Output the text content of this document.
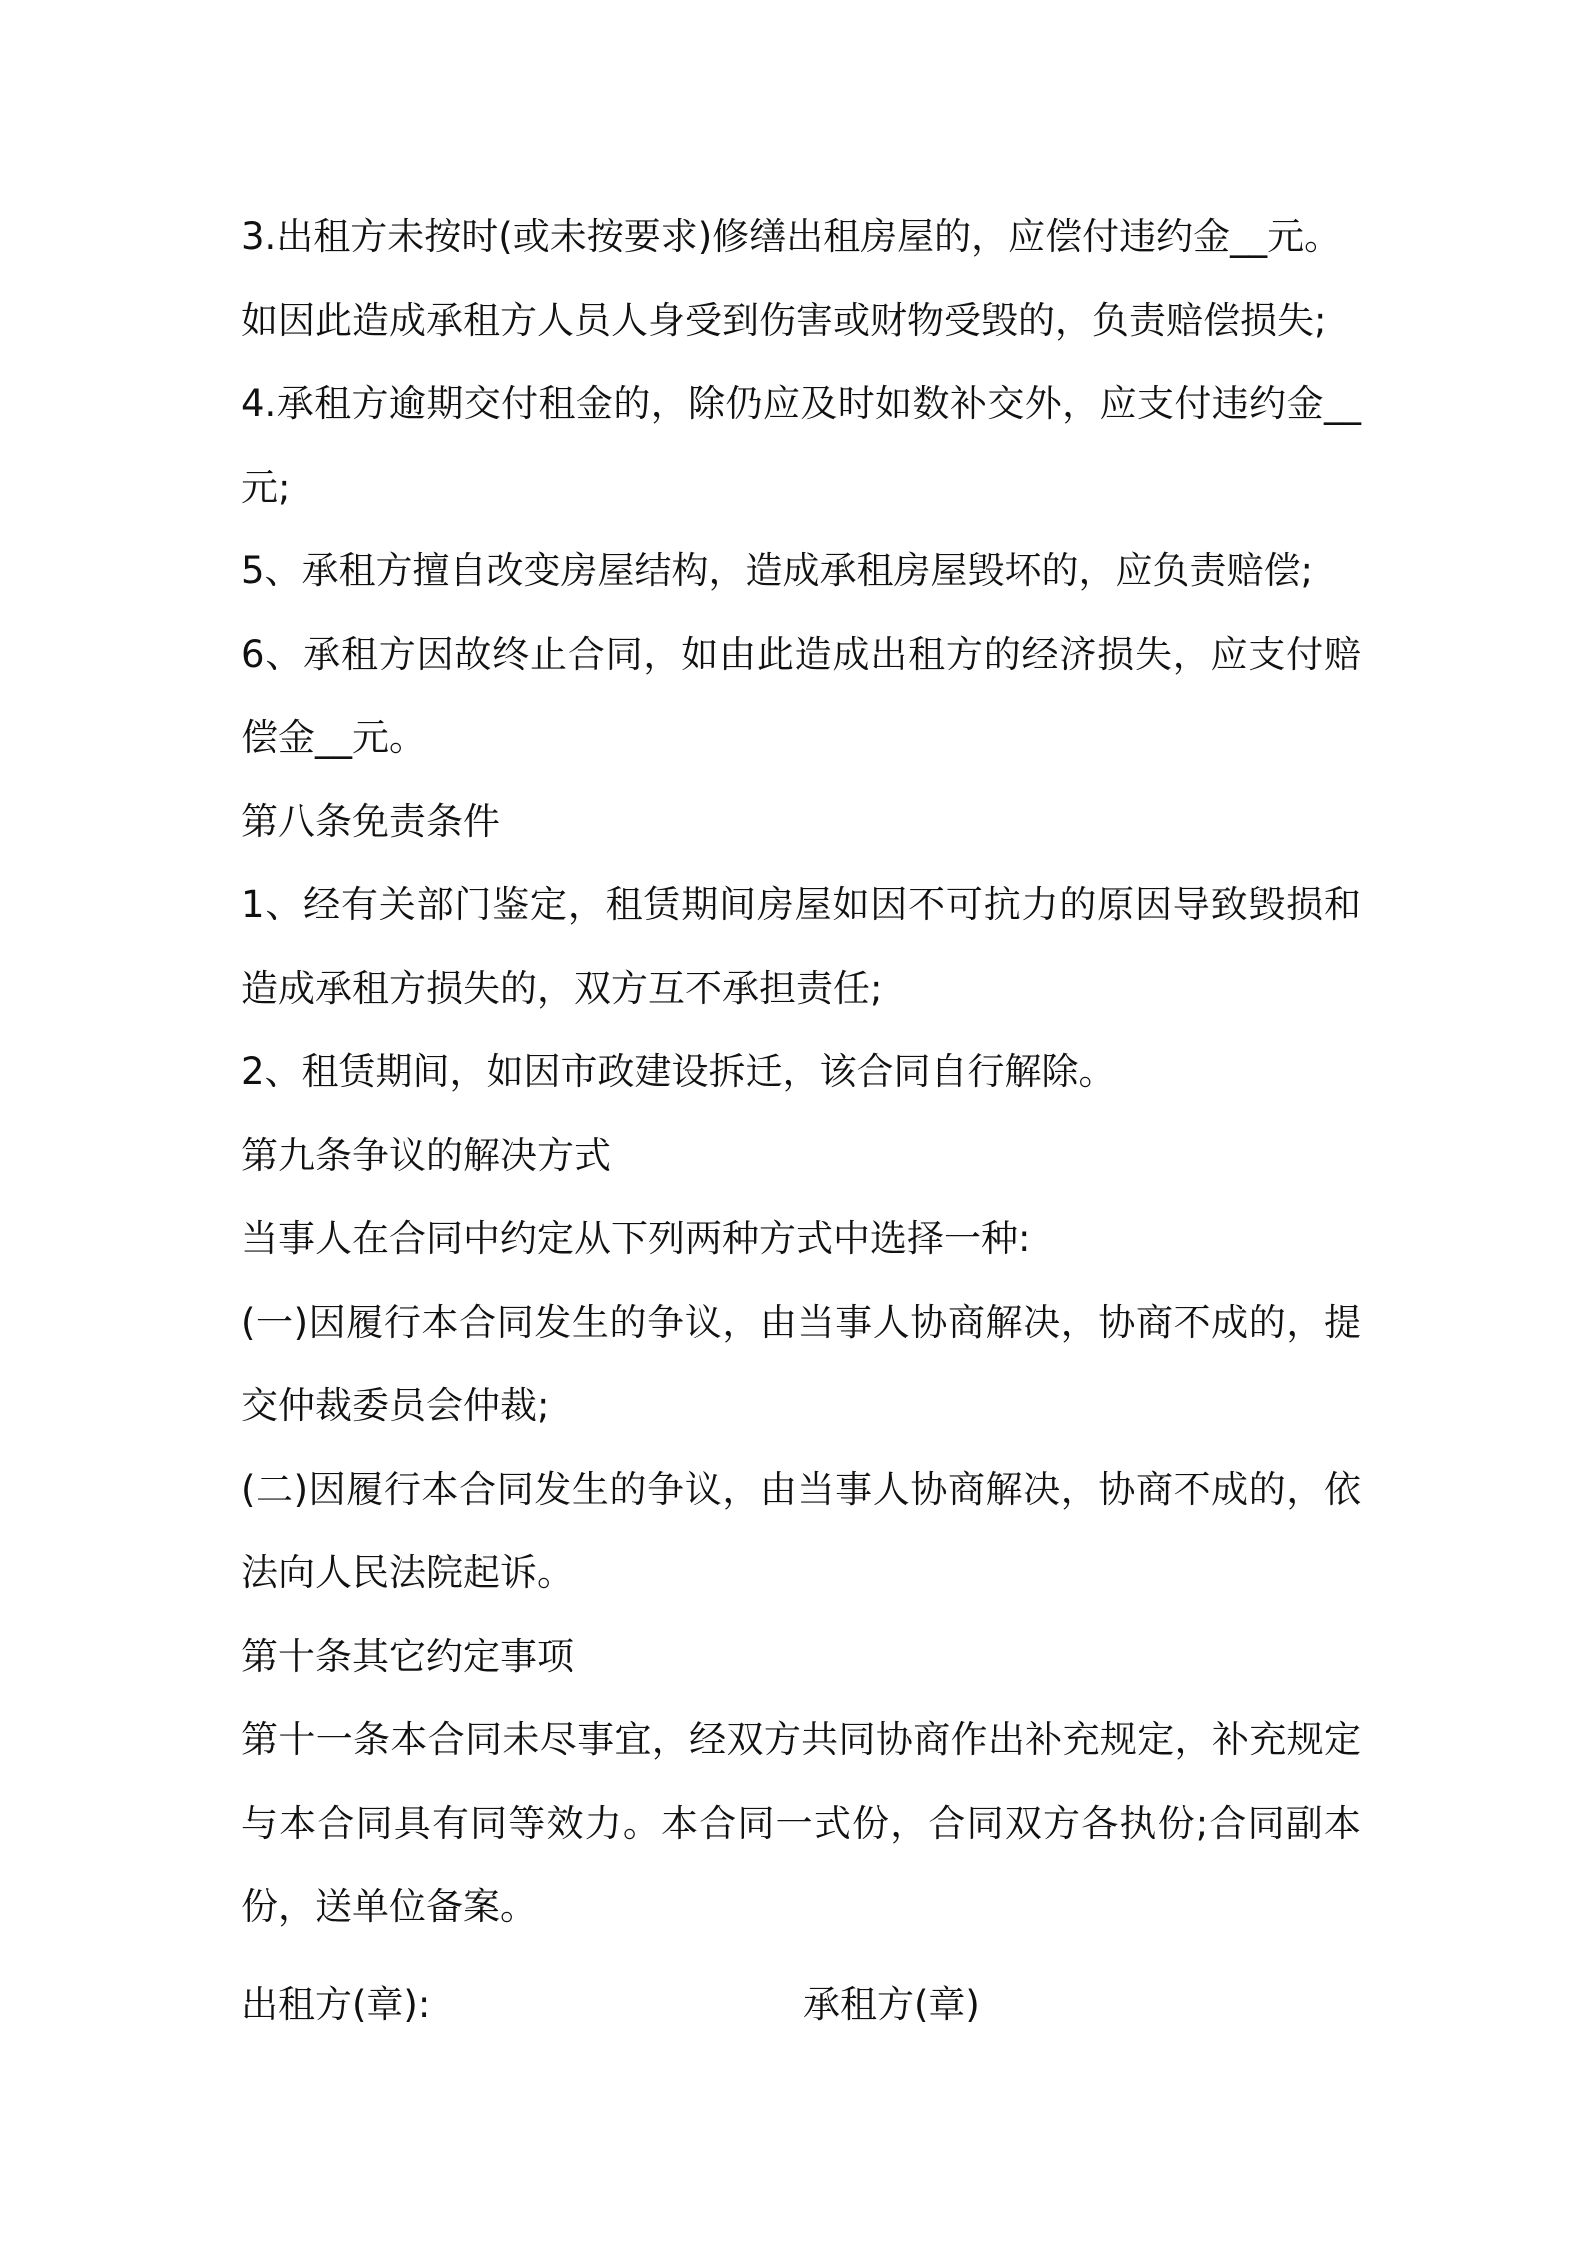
3.出租方未按时(或未按要求)修缮出租房屋的，应偿付违约金__元。

如因此造成承租方人员人身受到伤害或财物受毁的，负责赔偿损失;

4.承租方逾期交付租金的，除仍应及时如数补交外，应支付违约金__元;

5、承租方擅自改变房屋结构，造成承租房屋毁坏的，应负责赔偿;

6、承租方因故终止合同，如由此造成出租方的经济损失，应支付赔偿金__元。

第八条免责条件

1、经有关部门鉴定，租赁期间房屋如因不可抗力的原因导致毁损和造成承租方损失的，双方互不承担责任;

2、租赁期间，如因市政建设拆迁，该合同自行解除。

第九条争议的解决方式

当事人在合同中约定从下列两种方式中选择一种:

(一)因履行本合同发生的争议，由当事人协商解决，协商不成的，提交仲裁委员会仲裁;

(二)因履行本合同发生的争议，由当事人协商解决，协商不成的，依法向人民法院起诉。

第十条其它约定事项

第十一条本合同未尽事宜，经双方共同协商作出补充规定，补充规定与本合同具有同等效力。本合同一式份，合同双方各执份;合同副本份，送单位备案。

出租方(章):	承租方(章)
